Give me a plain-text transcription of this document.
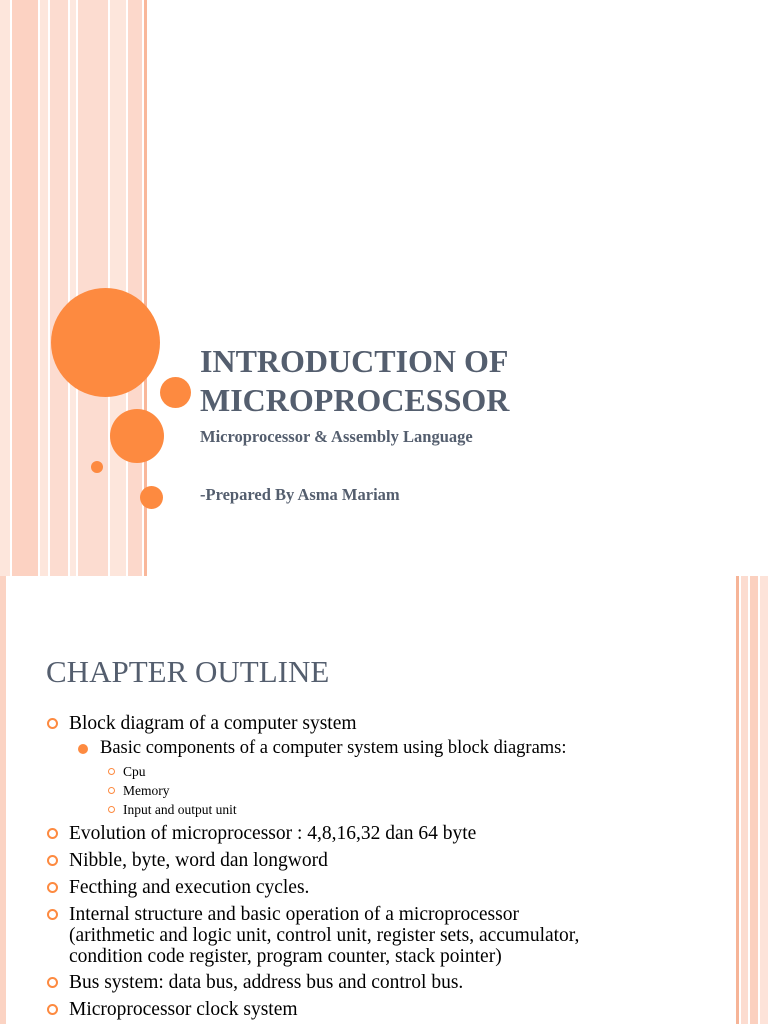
INTRODUCTION OF
MICROPROCESSOR

Microprocessor & Assembly Language

-Prepared By Asma Mariam

CHAPTER OUTLINE
Block diagram of a computer system
Basic components of a computer system using block diagrams:
Cpu
Memory
Input and output unit
Evolution of microprocessor : 4,8,16,32 dan 64 byte
Nibble, byte, word dan longword
Fecthing and execution cycles.
Internal structure and basic operation of a microprocessor
(arithmetic and logic unit, control unit, register sets, accumulator,
condition code register, program counter, stack pointer)
Bus system: data bus, address bus and control bus.
Microprocessor clock system
